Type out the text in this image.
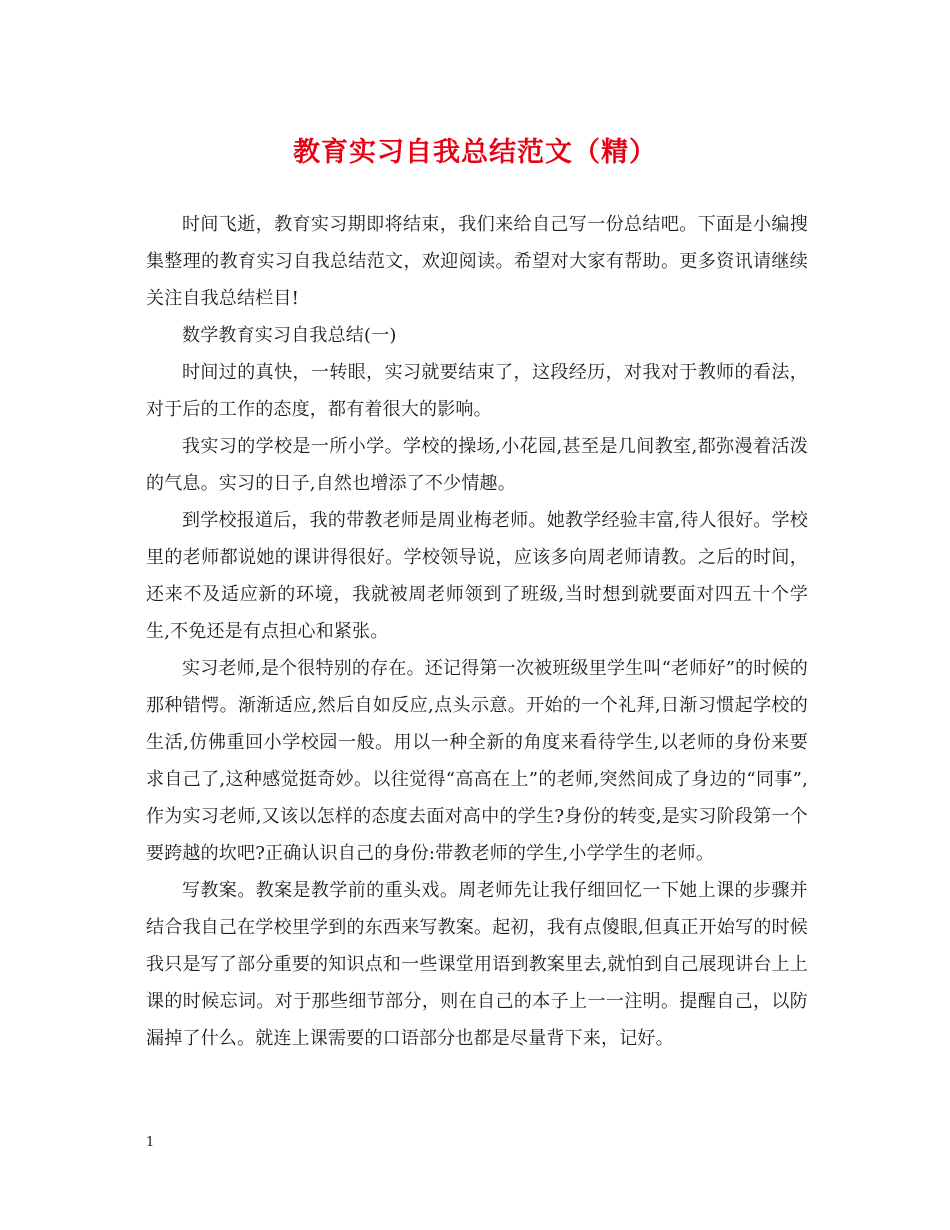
教育实习自我总结范文（精）

时间飞逝，教育实习期即将结束，我们来给自己写一份总结吧。下面是小编搜集整理的教育实习自我总结范文，欢迎阅读。希望对大家有帮助。更多资讯请继续关注自我总结栏目!

数学教育实习自我总结(一)

时间过的真快，一转眼，实习就要结束了，这段经历，对我对于教师的看法，对于后的工作的态度，都有着很大的影响。

我实习的学校是一所小学。学校的操场,小花园,甚至是几间教室,都弥漫着活泼的气息。实习的日子,自然也增添了不少情趣。

到学校报道后，我的带教老师是周业梅老师。她教学经验丰富,待人很好。学校里的老师都说她的课讲得很好。学校领导说，应该多向周老师请教。之后的时间，还来不及适应新的环境，我就被周老师领到了班级,当时想到就要面对四五十个学生,不免还是有点担心和紧张。

实习老师,是个很特别的存在。还记得第一次被班级里学生叫“老师好”的时候的那种错愕。渐渐适应,然后自如反应,点头示意。开始的一个礼拜,日渐习惯起学校的生活,仿佛重回小学校园一般。用以一种全新的角度来看待学生,以老师的身份来要求自己了,这种感觉挺奇妙。以往觉得“高高在上”的老师,突然间成了身边的“同事”,作为实习老师,又该以怎样的态度去面对高中的学生?身份的转变,是实习阶段第一个要跨越的坎吧?正确认识自己的身份:带教老师的学生,小学学生的老师。

写教案。教案是教学前的重头戏。周老师先让我仔细回忆一下她上课的步骤并结合我自己在学校里学到的东西来写教案。起初，我有点傻眼,但真正开始写的时候我只是写了部分重要的知识点和一些课堂用语到教案里去,就怕到自己展现讲台上上课的时候忘词。对于那些细节部分，则在自己的本子上一一注明。提醒自己，以防漏掉了什么。就连上课需要的口语部分也都是尽量背下来，记好。

1
